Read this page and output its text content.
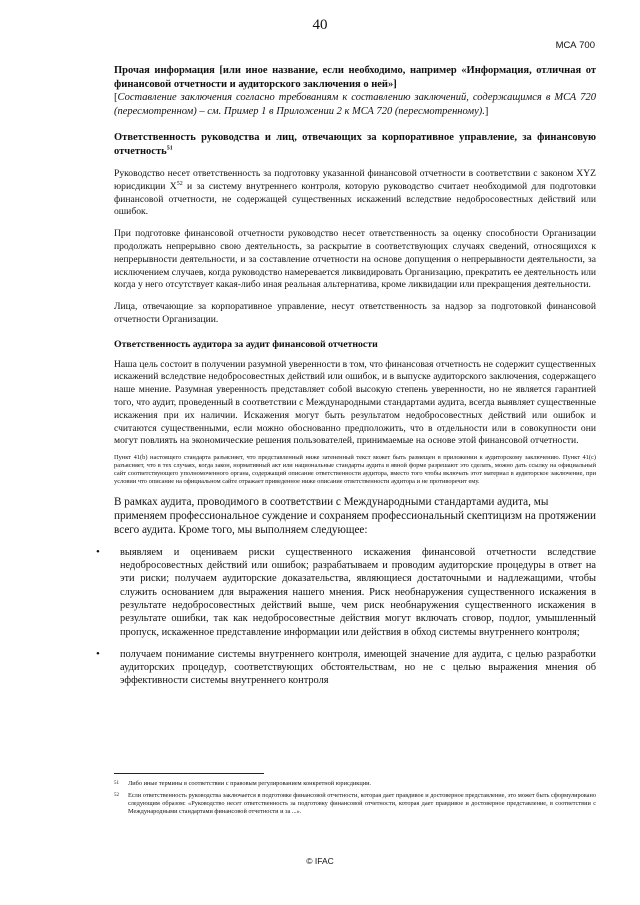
40
МСА 700

Прочая информация [или иное название, если необходимо, например «Информация, отличная от финансовой отчетности и аудиторского заключения о ней»]

[Составление заключения согласно требованиям к составлению заключений, содержащимся в МСА 720 (пересмотренном) – см. Пример 1 в Приложении 2 к МСА 720 (пересмотренному).]

Ответственность руководства и лиц, отвечающих за корпоративное управление, за финансовую отчетность$^{51}$

Руководство несет ответственность за подготовку указанной финансовой отчетности в соответствии с законом XYZ юрисдикции $X^{52}$ и за систему внутреннего контроля, которую руководство считает необходимой для подготовки финансовой отчетности, не содержащей существенных искажений вследствие недобросовестных действий или ошибок.

При подготовке финансовой отчетности руководство несет ответственность за оценку способности Организации продолжать непрерывно свою деятельность, за раскрытие в соответствующих случаях сведений, относящихся к непрерывности деятельности, и за составление отчетности на основе допущения о непрерывности деятельности, за исключением случаев, когда руководство намеревается ликвидировать Организацию, прекратить ее деятельность или когда у него отсутствует какая-либо иная реальная альтернатива, кроме ликвидации или прекращения деятельности.

Лица, отвечающие за корпоративное управление, несут ответственность за надзор за подготовкой финансовой отчетности Организации.

Ответственность аудитора за аудит финансовой отчетности

Наша цель состоит в получении разумной уверенности в том, что финансовая отчетность не содержит существенных искажений вследствие недобросовестных действий или ошибок, и в выпуске аудиторского заключения, содержащего наше мнение. Разумная уверенность представляет собой высокую степень уверенности, но не является гарантией того, что аудит, проведенный в соответствии с Международными стандартами аудита, всегда выявляет существенные искажения при их наличии. Искажения могут быть результатом недобросовестных действий или ошибок и считаются существенными, если можно обоснованно предположить, что в отдельности или в совокупности они могут повлиять на экономические решения пользователей, принимаемые на основе этой финансовой отчетности.

Пункт 41(b) настоящего стандарта разъясняет, что представленный ниже затененный текст может быть размещен в приложении к аудиторскому заключению. Пункт 41(c) разъясняет, что в тех случаях, когда закон, нормативный акт или национальные стандарты аудита в явной форме разрешают это сделать, можно дать ссылку на официальный сайт соответствующего уполномоченного органа, содержащий описание ответственности аудитора, вместо того чтобы включать этот материал в аудиторское заключение, при условии что описание на официальном сайте отражает приведенное ниже описание ответственности аудитора и не противоречит ему.

В рамках аудита, проводимого в соответствии с Международными стандартами аудита, мы применяем профессиональное суждение и сохраняем профессиональный скептицизм на протяжении всего аудита. Кроме того, мы выполняем следующее:

• выявляем и оцениваем риски существенного искажения финансовой отчетности вследствие недобросовестных действий или ошибок; разрабатываем и проводим аудиторские процедуры в ответ на эти риски; получаем аудиторские доказательства, являющиеся достаточными и надлежащими, чтобы служить основанием для выражения нашего мнения. Риск необнаружения существенного искажения в результате недобросовестных действий выше, чем риск необнаружения существенного искажения в результате ошибки, так как недобросовестные действия могут включать сговор, подлог, умышленный пропуск, искаженное представление информации или действия в обход системы внутреннего контроля;
• получаем понимание системы внутреннего контроля, имеющей значение для аудита, с целью разработки аудиторских процедур, соответствующих обстоятельствам, но не с целью выражения мнения об эффективности системы внутреннего контроля
51 Либо иные термины в соответствии с правовым регулированием конкретной юрисдикции.
52 Если ответственность руководства заключается в подготовке финансовой отчетности, которая дает правдивое и достоверное представление, это может быть сформулировано следующим образом: «Руководство несет ответственность за подготовку финансовой отчетности, которая дает правдивое и достоверное представление, в соответствии с Международными стандартами финансовой отчетности и за ...».
© IFAC
